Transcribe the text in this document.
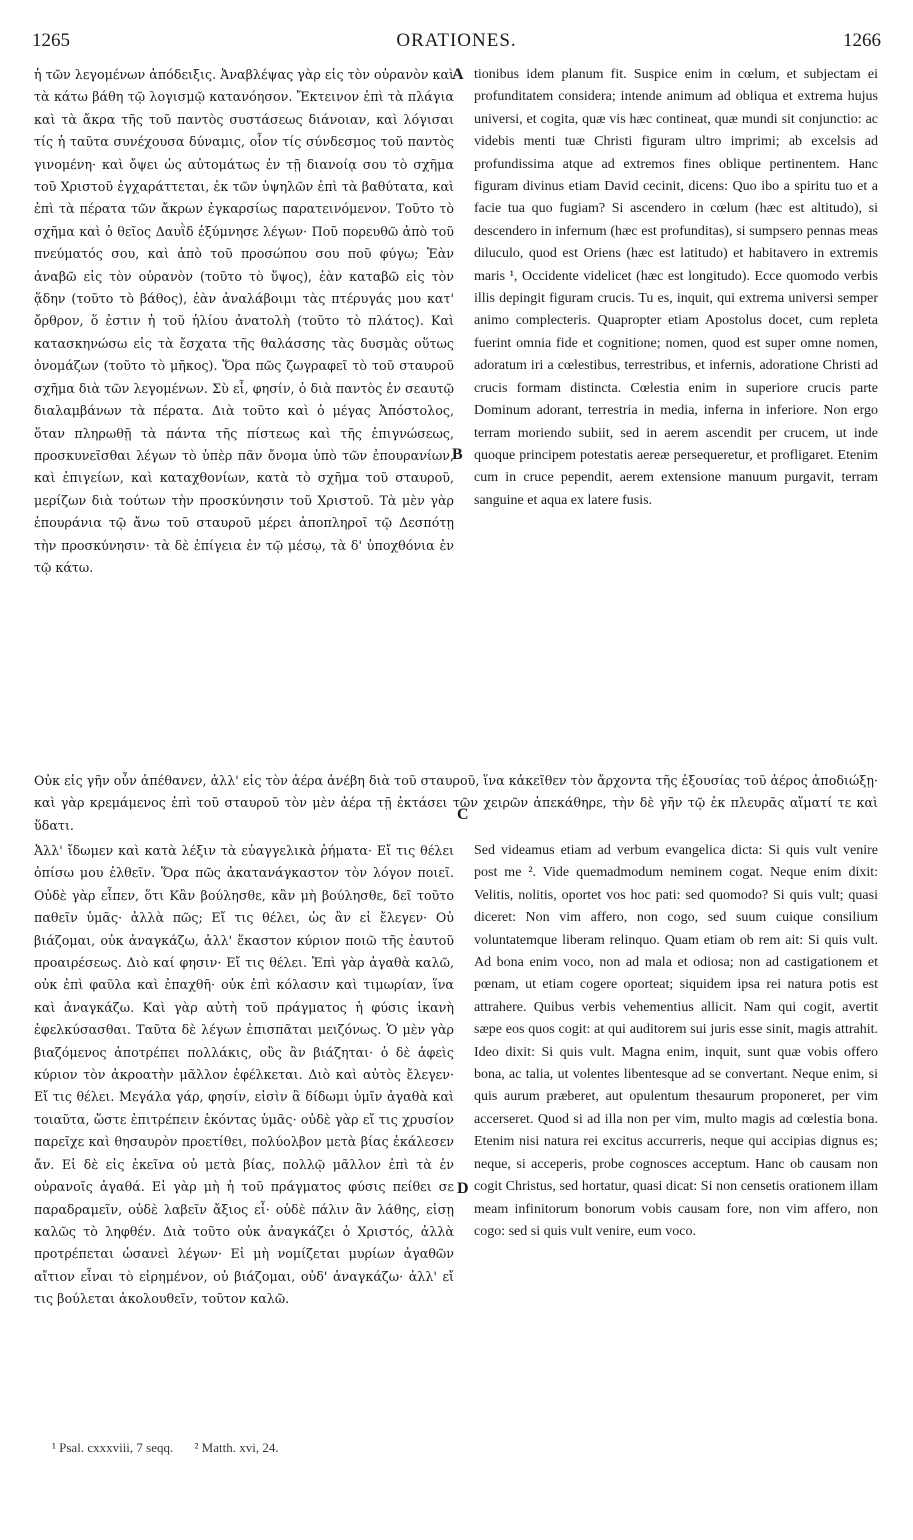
1265	ORATIONES.	1266

ἡ τῶν λεγομένων ἀπόδειξις. Ἀναβλέψας γὰρ εἰς τὸν οὐρανὸν καὶ τὰ κάτω βάθη τῷ λογισμῷ κατανόησον. Ἔκτεινον ἐπὶ τὰ πλάγια καὶ τὰ ἄκρα τῆς τοῦ παντὸς συστάσεως διάνοιαν, καὶ λόγισαι τίς ἡ ταῦτα συνέχουσα δύναμις, οἷον τίς σύνδεσμος τοῦ παντὸς γινομένη· καὶ ὄψει ὡς αὐτομάτως ἐν τῇ διανοίᾳ σου τὸ σχῆμα τοῦ Χριστοῦ ἐγχαράττεται, ἐκ τῶν ὑψηλῶν ἐπὶ τὰ βαθύτατα, καὶ ἐπὶ τὰ πέρατα τῶν ἄκρων ἐγκαρσίως παρατεινόμενον. Τοῦτο τὸ σχῆμα καὶ ὁ θεῖος Δαυῒδ ἐξύμνησε λέγων· Ποῦ πορευθῶ ἀπὸ τοῦ πνεύματός σου, καὶ ἀπὸ τοῦ προσώπου σου ποῦ φύγω; Ἐὰν ἀναβῶ εἰς τὸν οὐρανὸν (τοῦτο τὸ ὕψος), ἐὰν καταβῶ εἰς τὸν ᾅδην (τοῦτο τὸ βάθος), ἐὰν ἀναλάβοιμι τὰς πτέρυγάς μου κατ' ὄρθρον, ὅ ἐστιν ἡ τοῦ ἡλίου ἀνατολὴ (τοῦτο τὸ πλάτος). Καὶ κατασκηνώσω εἰς τὰ ἔσχατα τῆς θαλάσσης τὰς δυσμὰς οὕτως ὀνομάζων (τοῦτο τὸ μῆκος). Ὅρα πῶς ζωγραφεῖ τὸ τοῦ σταυροῦ σχῆμα διὰ τῶν λεγομένων. Σὺ εἶ, φησίν, ὁ διὰ παντὸς ἐν σεαυτῷ διαλαμβάνων τὰ πέρατα. Διὰ τοῦτο καὶ ὁ μέγας Ἀπόστολος, ὅταν πληρωθῇ τὰ πάντα τῆς πίστεως καὶ τῆς ἐπιγνώσεως, προσκυνεῖσθαι λέγων τὸ ὑπὲρ πᾶν ὄνομα ὑπὸ τῶν ἐπουρανίων, καὶ ἐπιγείων, καὶ καταχθονίων, κατὰ τὸ σχῆμα τοῦ σταυροῦ, μερίζων διὰ τούτων τὴν προσκύνησιν τοῦ Χριστοῦ. Τὰ μὲν γὰρ ἐπουράνια τῷ ἄνω τοῦ σταυροῦ μέρει ἀποπληροῖ τῷ Δεσπότῃ τὴν προσκύνησιν· τὰ δὲ ἐπίγεια ἐν τῷ μέσῳ, τὰ δ' ὑποχθόνια ἐν τῷ κάτω.

tionibus idem planum fit. Suspice enim in cœlum, et subjectam ei profunditatem considera; intende animum ad obliqua et extrema hujus universi, et cogita, quæ vis hæc contineat, quæ mundi sit conjunctio: ac videbis menti tuæ Christi figuram ultro imprimi; ab excelsis ad profundissima atque ad extremos fines oblique pertinentem. Hanc figuram divinus etiam David cecinit, dicens: Quo ibo a spiritu tuo et a facie tua quo fugiam? Si ascendero in cœlum (hæc est altitudo), si descendero in infernum (hæc est profunditas), si sumpsero pennas meas diluculo, quod est Oriens (hæc est latitudo) et habitavero in extremis maris ¹, Occidente videlicet (hæc est longitudo). Ecce quomodo verbis illis depingit figuram crucis. Tu es, inquit, qui extrema universi semper animo complecteris. Quapropter etiam Apostolus docet, cum repleta fuerint omnia fide et cognitione; nomen, quod est super omne nomen, adoratum iri a cœlestibus, terrestribus, et infernis, adoratione Christi ad crucis formam distincta. Cœlestia enim in superiore crucis parte Dominum adorant, terrestria in media, inferna in inferiore. Non ergo terram moriendo subiit, sed in aerem ascendit per crucem, ut inde quoque principem potestatis aereæ persequeretur, et profligaret. Etenim cum in cruce pependit, aerem extensione manuum purgavit, terram sanguine et aqua ex latere fusis.

A
B
C
D

Οὐκ εἰς γῆν οὖν ἀπέθανεν, ἀλλ' εἰς τὸν ἀέρα ἀνέβη διὰ τοῦ σταυροῦ, ἵνα κἀκεῖθεν τὸν ἄρχοντα τῆς ἐξουσίας τοῦ ἀέρος ἀποδιώξῃ· καὶ γὰρ κρεμάμενος ἐπὶ τοῦ σταυροῦ τὸν μὲν ἀέρα τῇ ἐκτάσει τῶν χειρῶν ἀπεκάθηρε, τὴν δὲ γῆν τῷ ἐκ πλευρᾶς αἵματί τε καὶ ὕδατι.

Ἀλλ' ἴδωμεν καὶ κατὰ λέξιν τὰ εὐαγγελικὰ ῥήματα· Εἴ τις θέλει ὀπίσω μου ἐλθεῖν. Ὅρα πῶς ἀκατανάγκαστον τὸν λόγον ποιεῖ. Οὐδὲ γὰρ εἶπεν, ὅτι Κἂν βούλησθε, κἂν μὴ βούλησθε, δεῖ τοῦτο παθεῖν ὑμᾶς· ἀλλὰ πῶς; Εἴ τις θέλει, ὡς ἂν εἰ ἔλεγεν· Οὐ βιάζομαι, οὐκ ἀναγκάζω, ἀλλ' ἕκαστον κύριον ποιῶ τῆς ἑαυτοῦ προαιρέσεως. Διὸ καί φησιν· Εἴ τις θέλει. Ἐπὶ γὰρ ἀγαθὰ καλῶ, οὐκ ἐπὶ φαῦλα καὶ ἐπαχθῆ· οὐκ ἐπὶ κόλασιν καὶ τιμωρίαν, ἵνα καὶ ἀναγκάζω. Καὶ γὰρ αὐτὴ τοῦ πράγματος ἡ φύσις ἱκανὴ ἐφελκύσασθαι. Ταῦτα δὲ λέγων ἐπισπᾶται μειζόνως. Ὁ μὲν γὰρ βιαζόμενος ἀποτρέπει πολλάκις, οὓς ἂν βιάζηται· ὁ δὲ ἀφεὶς κύριον τὸν ἀκροατὴν μᾶλλον ἐφέλκεται. Διὸ καὶ αὐτὸς ἔλεγεν· Εἴ τις θέλει. Μεγάλα γάρ, φησίν, εἰσὶν ἃ δίδωμι ὑμῖν ἀγαθὰ καὶ τοιαῦτα, ὥστε ἐπιτρέπειν ἑκόντας ὑμᾶς· οὐδὲ γὰρ εἴ τις χρυσίον παρεῖχε καὶ θησαυρὸν προετίθει, πολύολβον μετὰ βίας ἐκάλεσεν ἄν. Εἰ δὲ εἰς ἐκεῖνα οὐ μετὰ βίας, πολλῷ μᾶλλον ἐπὶ τὰ ἐν οὐρανοῖς ἀγαθά. Εἰ γὰρ μὴ ἡ τοῦ πράγματος φύσις πείθει σε παραδραμεῖν, οὐδὲ λαβεῖν ἄξιος εἶ· οὐδὲ πάλιν ἂν λάθης, εἰσῃ καλῶς τὸ ληφθέν. Διὰ τοῦτο οὐκ ἀναγκάζει ὁ Χριστός, ἀλλὰ προτρέπεται ὡσανεὶ λέγων· Εἰ μὴ νομίζεται μυρίων ἀγαθῶν αἴτιον εἶναι τὸ εἰρημένον, οὐ βιάζομαι, οὐδ' ἀναγκάζω· ἀλλ' εἴ τις βούλεται ἀκολουθεῖν, τοῦτον καλῶ.

Sed videamus etiam ad verbum evangelica dicta: Si quis vult venire post me ². Vide quemadmodum neminem cogat. Neque enim dixit: Velitis, nolitis, oportet vos hoc pati: sed quomodo? Si quis vult; quasi diceret: Non vim affero, non cogo, sed suum cuique consilium voluntatemque liberam relinquo. Quam etiam ob rem ait: Si quis vult. Ad bona enim voco, non ad mala et odiosa; non ad castigationem et pœnam, ut etiam cogere oporteat; siquidem ipsa rei natura potis est attrahere. Quibus verbis vehementius allicit. Nam qui cogit, avertit sæpe eos quos cogit: at qui auditorem sui juris esse sinit, magis attrahit. Ideo dixit: Si quis vult. Magna enim, inquit, sunt quæ vobis offero bona, ac talia, ut volentes libentesque ad se convertant. Neque enim, si quis aurum præberet, aut opulentum thesaurum proponeret, per vim accerseret. Quod si ad illa non per vim, multo magis ad cœlestia bona. Etenim nisi natura rei excitus accurreris, neque qui accipias dignus es; neque, si acceperis, probe cognosces acceptum. Hanc ob causam non cogit Christus, sed hortatur, quasi dicat: Si non censetis orationem illam meam infinitorum bonorum vobis causam fore, non vim affero, non cogo: sed si quis vult venire, eum voco.

¹ Psal. cxxxviii, 7 seqq. ² Matth. xvi, 24.
